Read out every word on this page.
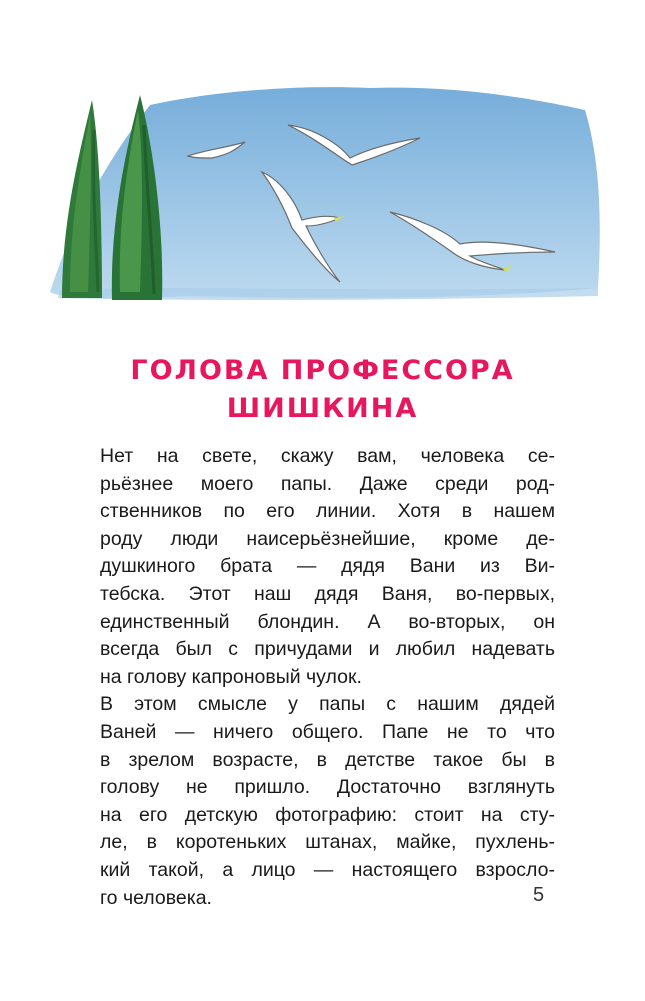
ГОЛОВА ПРОФЕССОРА
ШИШКИНА
Нет на свете, скажу вам, человека се-
рьёзнее моего папы. Даже среди род-
ственников по его линии. Хотя в нашем
роду люди наисерьёзнейшие, кроме де-
душкиного брата — дядя Вани из Ви-
тебска. Этот наш дядя Ваня, во-первых,
единственный блондин. А во-вторых, он
всегда был с причудами и любил надевать
на голову капроновый чулок.
В этом смысле у папы с нашим дядей
Ваней — ничего общего. Папе не то что
в зрелом возрасте, в детстве такое бы в
голову не пришло. Достаточно взглянуть
на его детскую фотографию: стоит на сту-
ле, в коротеньких штанах, майке, пухлень-
кий такой, а лицо — настоящего взросло-
го человека.	5
